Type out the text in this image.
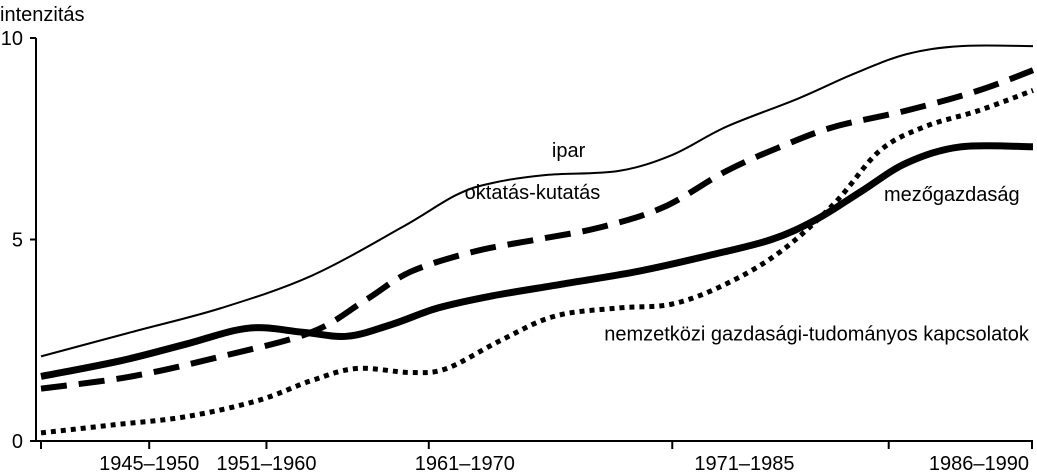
intenzitás
0
5
10
1945–1950 1951–1960	1961–1970	1971–1985	1986–1990
ipar
oktatás-kutatás	mezőgazdaság
nemzetközi gazdasági-tudományos kapcsolatok
